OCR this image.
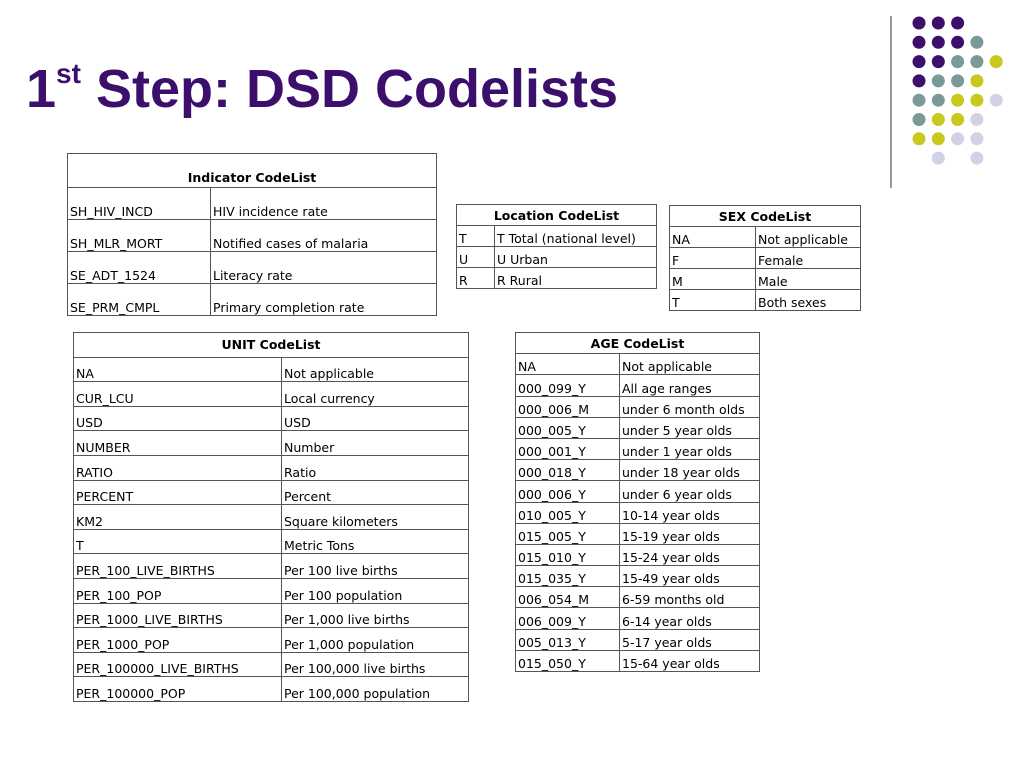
1st Step: DSD Codelists
Indicator CodeList	
SH_HIV_INCD	HIV incidence rate
SH_MLR_MORT	Notified cases of malaria
SE_ADT_1524	Literacy rate
SE_PRM_CMPL	Primary completion rate
Location CodeList	
T	T Total (national level)
U	U Urban
R	R Rural
SEX CodeList	
NA	Not applicable
F	Female
M	Male
T	Both sexes
UNIT CodeList	
NA	Not applicable
CUR_LCU	Local currency
USD	USD
NUMBER	Number
RATIO	Ratio
PERCENT	Percent
KM2	Square kilometers
T	Metric Tons
PER_100_LIVE_BIRTHS	Per 100 live births
PER_100_POP	Per 100 population
PER_1000_LIVE_BIRTHS	Per 1,000 live births
PER_1000_POP	Per 1,000 population
PER_100000_LIVE_BIRTHS	Per 100,000 live births
PER_100000_POP	Per 100,000 population
AGE CodeList	
NA	Not applicable
000_099_Y	All age ranges
000_006_M	under 6 month olds
000_005_Y	under 5 year olds
000_001_Y	under 1 year olds
000_018_Y	under 18 year olds
000_006_Y	under 6 year olds
010_005_Y	10-14 year olds
015_005_Y	15-19 year olds
015_010_Y	15-24 year olds
015_035_Y	15-49 year olds
006_054_M	6-59 months old
006_009_Y	6-14 year olds
005_013_Y	5-17 year olds
015_050_Y	15-64 year olds
